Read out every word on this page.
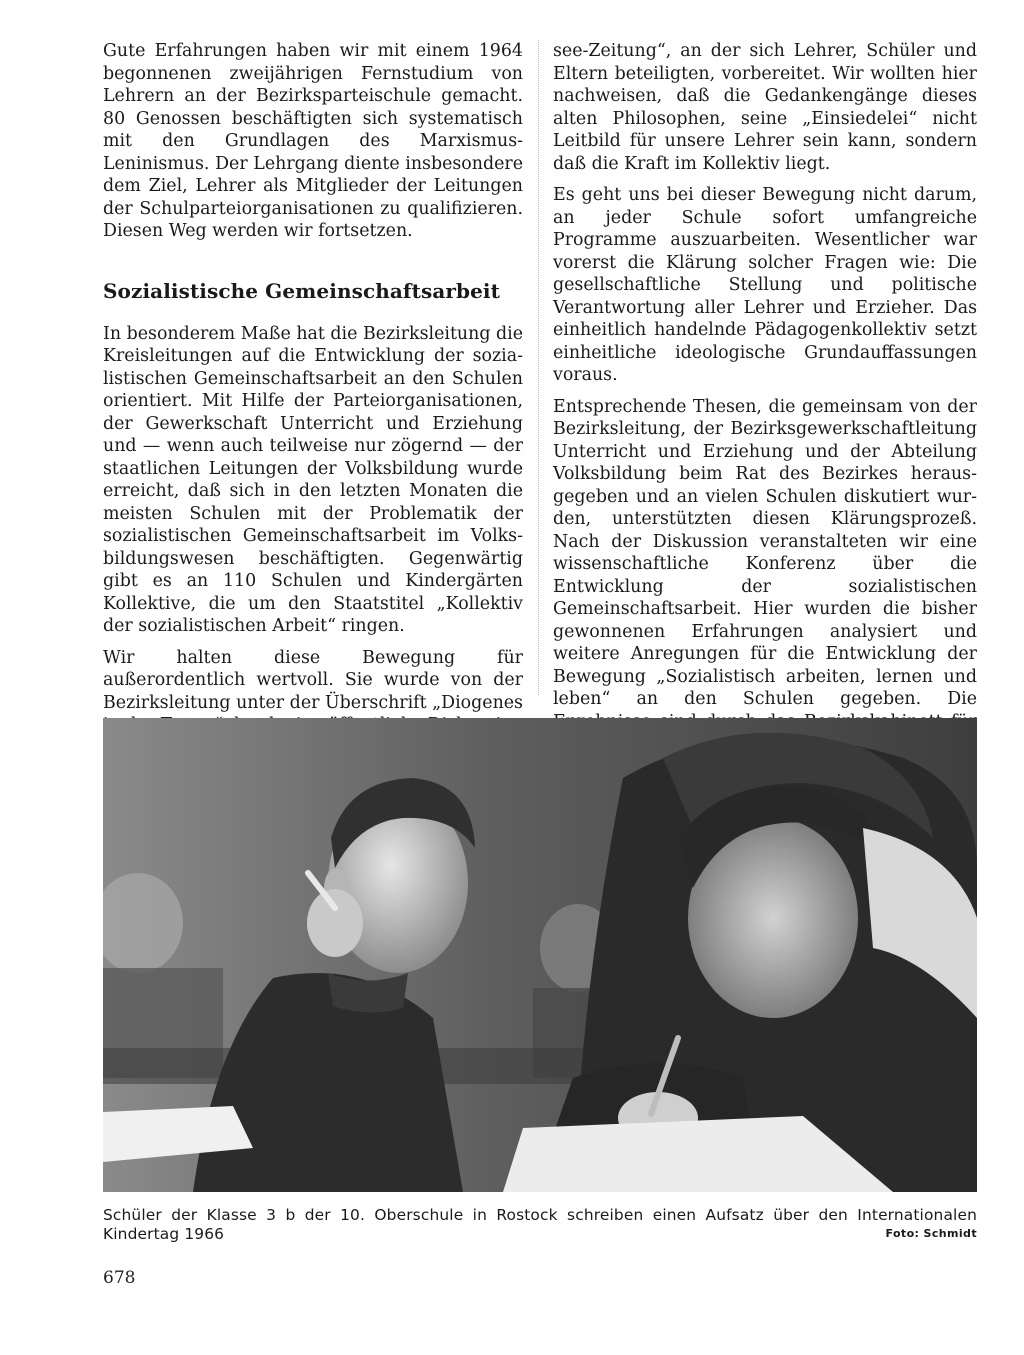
Gute Erfahrungen haben wir mit einem 1964 begonnenen zweijährigen Fernstudium von Lehrern an der Bezirksparteischule gemacht. 80 Genossen beschäftigten sich systematisch mit den Grundlagen des Marxismus-Leninismus. Der Lehrgang diente insbesondere dem Ziel, Lehrer als Mitglieder der Leitungen der Schulparteiorganisationen zu qualifizieren. Diesen Weg werden wir fortsetzen.

Sozialistische Gemeinschaftsarbeit

In besonderem Maße hat die Bezirksleitung die Kreisleitungen auf die Entwicklung der sozialistischen Gemeinschaftsarbeit an den Schulen orientiert. Mit Hilfe der Parteiorganisationen, der Gewerkschaft Unterricht und Erziehung und — wenn auch teilweise nur zögernd — der staatlichen Leitungen der Volksbildung wurde erreicht, daß sich in den letzten Monaten die meisten Schulen mit der Problematik der sozialistischen Gemeinschaftsarbeit im Volksbildungswesen beschäftigten. Gegenwärtig gibt es an 110 Schulen und Kindergärten Kollektive, die um den Staatstitel „Kollektiv der sozialistischen Arbeit“ ringen.

Wir halten diese Bewegung für außerordentlich wertvoll. Sie wurde von der Bezirksleitung unter der Überschrift „Diogenes

see-Zeitung“, an der sich Lehrer, Schüler und Eltern beteiligten, vorbereitet. Wir wollten hier nachweisen, daß die Gedankengänge dieses alten Philosophen, seine „Einsiedelei“ nicht Leitbild für unsere Lehrer sein kann, sondern daß die Kraft im Kollektiv liegt.

Es geht uns bei dieser Bewegung nicht darum, an jeder Schule sofort umfangreiche Programme auszuarbeiten. Wesentlicher war vorerst die Klärung solcher Fragen wie: Die gesellschaftliche Stellung und politische Verantwortung aller Lehrer und Erzieher. Das einheitlich handelnde Pädagogenkollektiv setzt einheitliche ideologische Grundauffassungen voraus.

Entsprechende Thesen, die gemeinsam von der Bezirksleitung, der Bezirksgewerkschaftleitung Unterricht und Erziehung und der Abteilung Volksbildung beim Rat des Bezirkes herausgegeben und an vielen Schulen diskutiert wurden, unterstützten diesen Klärungsprozeß. Nach der Diskussion veranstalteten wir eine wissenschaftliche Konferenz über die Entwicklung der sozialistischen Gemeinschaftsarbeit. Hier wurden die bisher gewonnenen Erfahrungen analysiert und weitere Anregungen für die Entwicklung der Bewegung „Sozialistisch arbeiten, lernen und leben“ an den Schulen gegeben. Die

Schüler der Klasse 3 b der 10. Oberschule in Rostock schreiben einen Aufsatz über den Internationalen
Kindertag 1966	Foto: Schmidt
678
